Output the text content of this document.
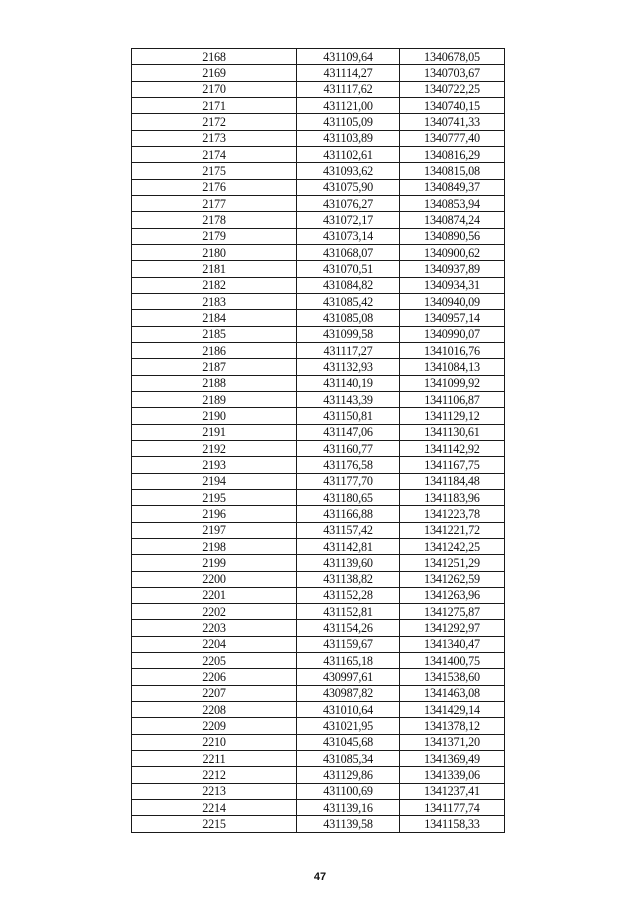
2168	431109,64	1340678,05
2169	431114,27	1340703,67
2170	431117,62	1340722,25
2171	431121,00	1340740,15
2172	431105,09	1340741,33
2173	431103,89	1340777,40
2174	431102,61	1340816,29
2175	431093,62	1340815,08
2176	431075,90	1340849,37
2177	431076,27	1340853,94
2178	431072,17	1340874,24
2179	431073,14	1340890,56
2180	431068,07	1340900,62
2181	431070,51	1340937,89
2182	431084,82	1340934,31
2183	431085,42	1340940,09
2184	431085,08	1340957,14
2185	431099,58	1340990,07
2186	431117,27	1341016,76
2187	431132,93	1341084,13
2188	431140,19	1341099,92
2189	431143,39	1341106,87
2190	431150,81	1341129,12
2191	431147,06	1341130,61
2192	431160,77	1341142,92
2193	431176,58	1341167,75
2194	431177,70	1341184,48
2195	431180,65	1341183,96
2196	431166,88	1341223,78
2197	431157,42	1341221,72
2198	431142,81	1341242,25
2199	431139,60	1341251,29
2200	431138,82	1341262,59
2201	431152,28	1341263,96
2202	431152,81	1341275,87
2203	431154,26	1341292,97
2204	431159,67	1341340,47
2205	431165,18	1341400,75
2206	430997,61	1341538,60
2207	430987,82	1341463,08
2208	431010,64	1341429,14
2209	431021,95	1341378,12
2210	431045,68	1341371,20
2211	431085,34	1341369,49
2212	431129,86	1341339,06
2213	431100,69	1341237,41
2214	431139,16	1341177,74
2215	431139,58	1341158,33
47
